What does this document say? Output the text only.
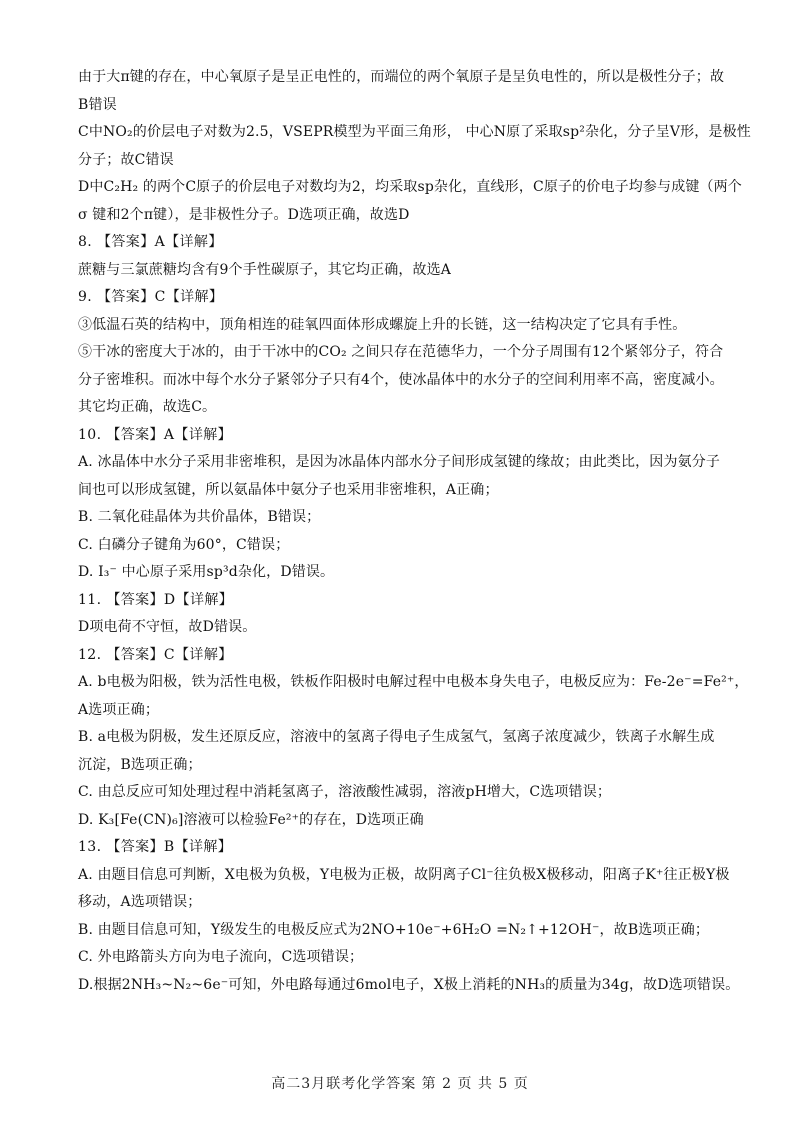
由于大π键的存在，中心氧原子是呈正电性的，而端位的两个氧原子是呈负电性的，所以是极性分子；故
B错误
C中NO₂的价层电子对数为2.5，VSEPR模型为平面三角形， 中心N原了采取sp²杂化，分子呈V形，是极性
分子；故C错误
D中C₂H₂ 的两个C原子的价层电子对数均为2，均采取sp杂化，直线形，C原子的价电子均参与成键（两个
σ 键和2个π键），是非极性分子。D选项正确，故选D
8. 【答案】A【详解】
蔗糖与三氯蔗糖均含有9个手性碳原子，其它均正确，故选A
9. 【答案】C【详解】
③低温石英的结构中，顶角相连的硅氧四面体形成螺旋上升的长链，这一结构决定了它具有手性。
⑤干冰的密度大于冰的，由于干冰中的CO₂ 之间只存在范德华力，一个分子周围有12个紧邻分子，符合
分子密堆积。而冰中每个水分子紧邻分子只有4个，使冰晶体中的水分子的空间利用率不高，密度减小。
其它均正确，故选C。
10. 【答案】A【详解】
A. 冰晶体中水分子采用非密堆积，是因为冰晶体内部水分子间形成氢键的缘故；由此类比，因为氨分子
间也可以形成氢键，所以氨晶体中氨分子也采用非密堆积，A正确；
B. 二氧化硅晶体为共价晶体，B错误；
C. 白磷分子键角为60°，C错误；
D. I₃⁻ 中心原子采用sp³d杂化，D错误。
11. 【答案】D【详解】
D项电荷不守恒，故D错误。
12. 【答案】C【详解】
A. b电极为阳极，铁为活性电极，铁板作阳极时电解过程中电极本身失电子，电极反应为：Fe-2e⁻=Fe²⁺，
A选项正确；
B. a电极为阴极，发生还原反应，溶液中的氢离子得电子生成氢气，氢离子浓度减少，铁离子水解生成
沉淀，B选项正确；
C. 由总反应可知处理过程中消耗氢离子，溶液酸性减弱，溶液pH增大，C选项错误；
D. K₃[Fe(CN)₆]溶液可以检验Fe²⁺的存在，D选项正确
13. 【答案】B【详解】
A. 由题目信息可判断，X电极为负极，Y电极为正极，故阴离子Cl⁻往负极X极移动，阳离子K⁺往正极Y极
移动，A选项错误；
B. 由题目信息可知，Y级发生的电极反应式为2NO+10e⁻+6H₂O =N₂↑+12OH⁻，故B选项正确；
C. 外电路箭头方向为电子流向，C选项错误；
D.根据2NH₃~N₂~6e⁻可知，外电路每通过6mol电子，X极上消耗的NH₃的质量为34g，故D选项错误。
高二3月联考化学答案 第 2 页 共 5 页
